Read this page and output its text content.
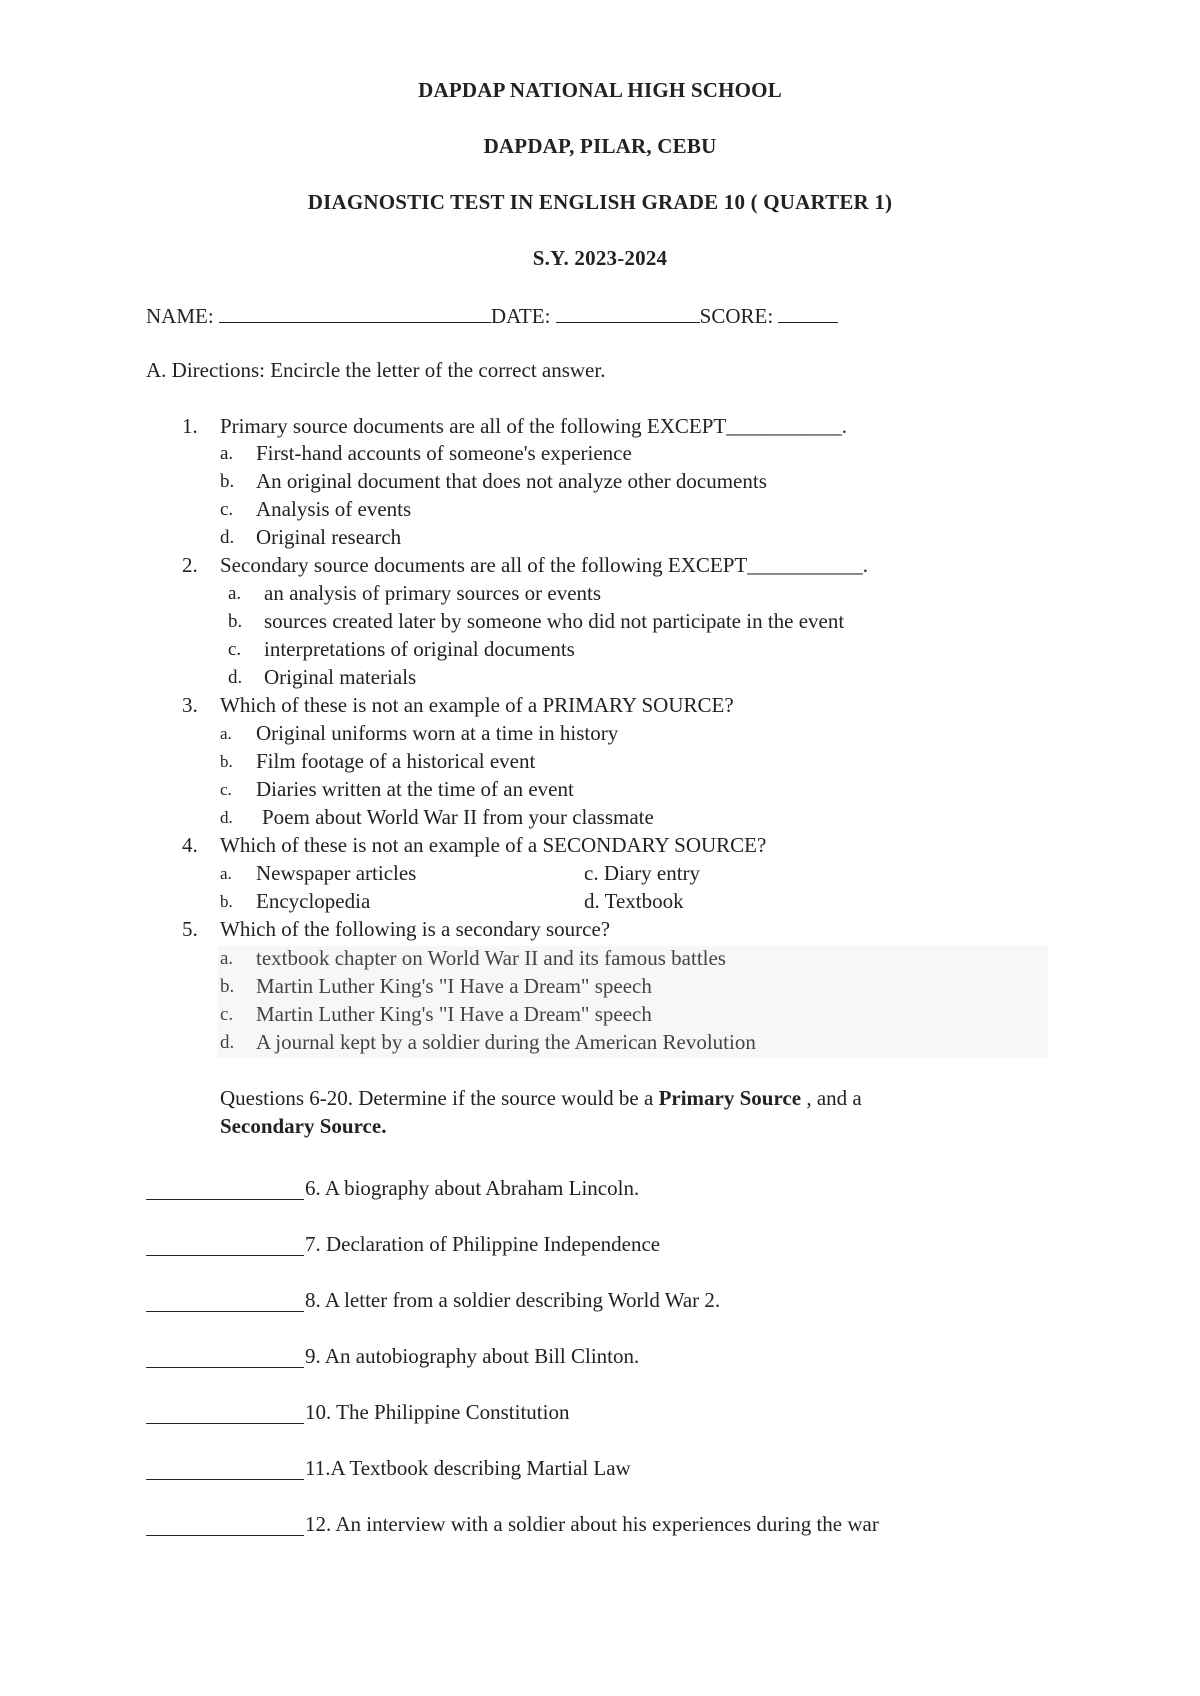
DAPDAP NATIONAL HIGH SCHOOL
DAPDAP, PILAR, CEBU
DIAGNOSTIC TEST IN ENGLISH GRADE 10 ( QUARTER 1)
S.Y. 2023-2024
NAME:	DATE:	SCORE:
A. Directions: Encircle the letter of the correct answer.
1. Primary source documents are all of the following EXCEPT___________.
a. First-hand accounts of someone's experience
b. An original document that does not analyze other documents
c. Analysis of events
d. Original research
2. Secondary source documents are all of the following EXCEPT___________.
a. an analysis of primary sources or events
b. sources created later by someone who did not participate in the event
c. interpretations of original documents
d. Original materials
3. Which of these is not an example of a PRIMARY SOURCE?
a. Original uniforms worn at a time in history
b. Film footage of a historical event
c. Diaries written at the time of an event
d. Poem about World War II from your classmate
4. Which of these is not an example of a SECONDARY SOURCE?
a. Newspaper articles	c. Diary entry
b. Encyclopedia	d. Textbook
5. Which of the following is a secondary source?
a. textbook chapter on World War II and its famous battles
b. Martin Luther King's "I Have a Dream" speech
c. Martin Luther King's "I Have a Dream" speech
d. A journal kept by a soldier during the American Revolution
Questions 6-20. Determine if the source would be a Primary Source , and a
Secondary Source.
6. A biography about Abraham Lincoln.
7. Declaration of Philippine Independence
8. A letter from a soldier describing World War 2.
9. An autobiography about Bill Clinton.
10. The Philippine Constitution
11.A Textbook describing Martial Law
12. An interview with a soldier about his experiences during the war
